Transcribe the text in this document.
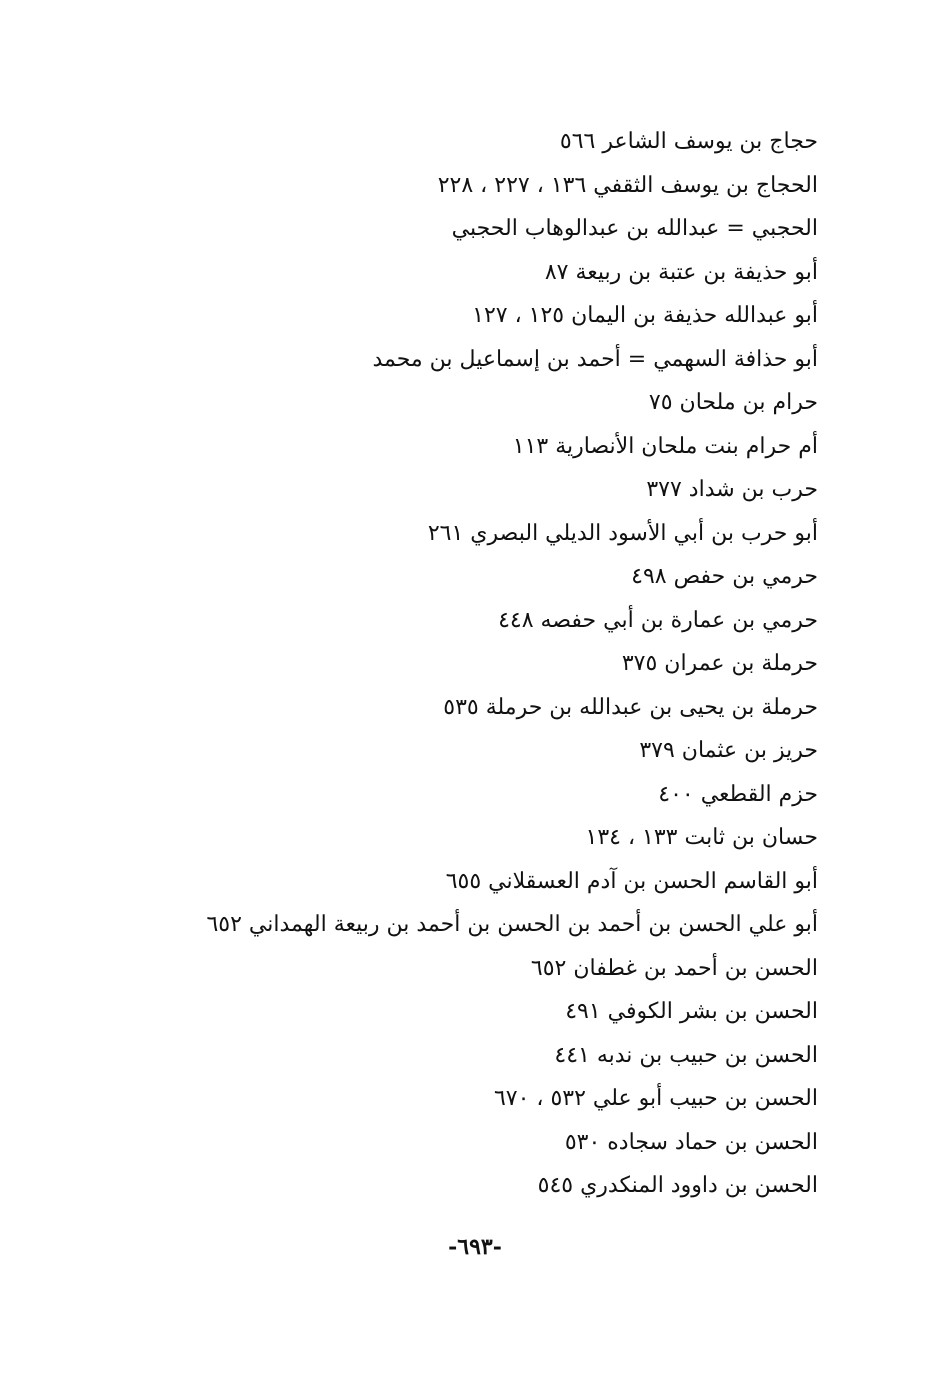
حجاج بن يوسف الشاعر ٥٦٦
الحجاج بن يوسف الثقفي ١٣٦ ، ٢٢٧ ، ٢٢٨
الحجبي = عبدالله بن عبدالوهاب الحجبي
أبو حذيفة بن عتبة بن ربيعة ٨٧
أبو عبدالله حذيفة بن اليمان ١٢٥ ، ١٢٧
أبو حذافة السهمي = أحمد بن إسماعيل بن محمد
حرام بن ملحان ٧٥
أم حرام بنت ملحان الأنصارية ١١٣
حرب بن شداد ٣٧٧
أبو حرب بن أبي الأسود الديلي البصري ٢٦١
حرمي بن حفص ٤٩٨
حرمي بن عمارة بن أبي حفصه ٤٤٨
حرملة بن عمران ٣٧٥
حرملة بن يحيى بن عبدالله بن حرملة ٥٣٥
حريز بن عثمان ٣٧٩
حزم القطعي ٤٠٠
حسان بن ثابت ١٣٣ ، ١٣٤
أبو القاسم الحسن بن آدم العسقلاني ٦٥٥
أبو علي الحسن بن أحمد بن الحسن بن أحمد بن ربيعة الهمداني ٦٥٢
الحسن بن أحمد بن غطفان ٦٥٢
الحسن بن بشر الكوفي ٤٩١
الحسن بن حبيب بن ندبه ٤٤١
الحسن بن حبيب أبو علي ٥٣٢ ، ٦٧٠
الحسن بن حماد سجاده ٥٣٠
الحسن بن داوود المنكدري ٥٤٥
-٦٩٣-
